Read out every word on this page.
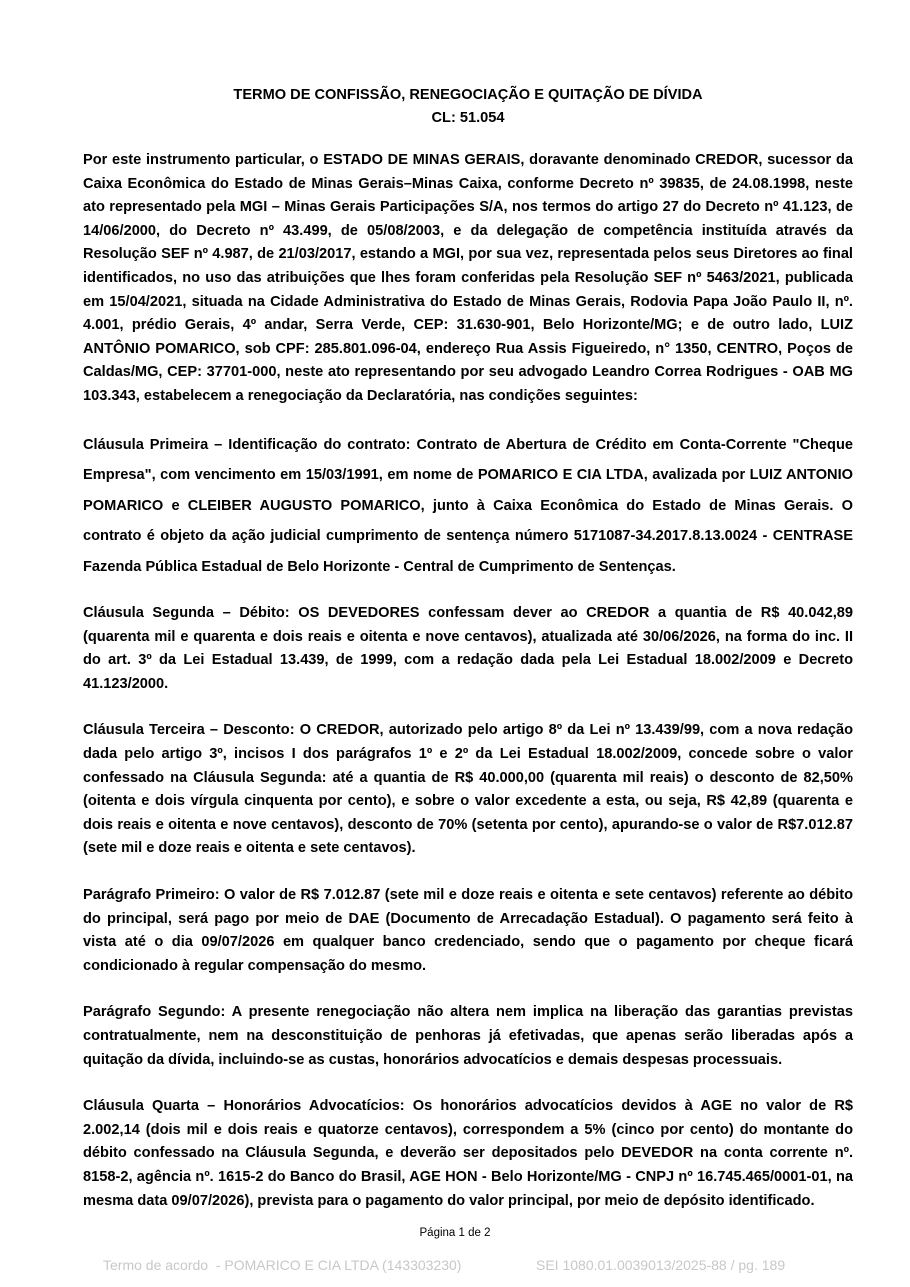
TERMO DE CONFISSÃO, RENEGOCIAÇÃO E QUITAÇÃO DE DÍVIDA

CL: 51.054

Por este instrumento particular, o ESTADO DE MINAS GERAIS, doravante denominado CREDOR, sucessor da Caixa Econômica do Estado de Minas Gerais–Minas Caixa, conforme Decreto nº 39835, de 24.08.1998, neste ato representado pela MGI – Minas Gerais Participações S/A, nos termos do artigo 27 do Decreto nº 41.123, de 14/06/2000, do Decreto nº 43.499, de 05/08/2003, e da delegação de competência instituída através da Resolução SEF nº 4.987, de 21/03/2017, estando a MGI, por sua vez, representada pelos seus Diretores ao final identificados, no uso das atribuições que lhes foram conferidas pela Resolução SEF nº 5463/2021, publicada em 15/04/2021, situada na Cidade Administrativa do Estado de Minas Gerais, Rodovia Papa João Paulo II, nº. 4.001, prédio Gerais, 4º andar, Serra Verde, CEP: 31.630-901, Belo Horizonte/MG; e de outro lado, LUIZ ANTÔNIO POMARICO, sob CPF: 285.801.096-04, endereço Rua Assis Figueiredo, n° 1350, CENTRO, Poços de Caldas/MG, CEP: 37701-000, neste ato representando por seu advogado Leandro Correa Rodrigues - OAB MG 103.343, estabelecem a renegociação da Declaratória, nas condições seguintes:

Cláusula Primeira – Identificação do contrato: Contrato de Abertura de Crédito em Conta-Corrente "Cheque Empresa", com vencimento em 15/03/1991, em nome de POMARICO E CIA LTDA, avalizada por LUIZ ANTONIO POMARICO e CLEIBER AUGUSTO POMARICO, junto à Caixa Econômica do Estado de Minas Gerais. O contrato é objeto da ação judicial cumprimento de sentença número 5171087-34.2017.8.13.0024 - CENTRASE Fazenda Pública Estadual de Belo Horizonte - Central de Cumprimento de Sentenças.

Cláusula Segunda – Débito: OS DEVEDORES confessam dever ao CREDOR a quantia de R$ 40.042,89 (quarenta mil e quarenta e dois reais e oitenta e nove centavos), atualizada até 30/06/2026, na forma do inc. II do art. 3º da Lei Estadual 13.439, de 1999, com a redação dada pela Lei Estadual 18.002/2009 e Decreto 41.123/2000.

Cláusula Terceira – Desconto: O CREDOR, autorizado pelo artigo 8º da Lei nº 13.439/99, com a nova redação dada pelo artigo 3º, incisos I dos parágrafos 1º e 2º da Lei Estadual 18.002/2009, concede sobre o valor confessado na Cláusula Segunda: até a quantia de R$ 40.000,00 (quarenta mil reais) o desconto de 82,50% (oitenta e dois vírgula cinquenta por cento), e sobre o valor excedente a esta, ou seja, R$ 42,89 (quarenta e dois reais e oitenta e nove centavos), desconto de 70% (setenta por cento), apurando-se o valor de R$7.012.87 (sete mil e doze reais e oitenta e sete centavos).

Parágrafo Primeiro: O valor de R$ 7.012.87 (sete mil e doze reais e oitenta e sete centavos) referente ao débito do principal, será pago por meio de DAE (Documento de Arrecadação Estadual). O pagamento será feito à vista até o dia 09/07/2026 em qualquer banco credenciado, sendo que o pagamento por cheque ficará condicionado à regular compensação do mesmo.

Parágrafo Segundo: A presente renegociação não altera nem implica na liberação das garantias previstas contratualmente, nem na desconstituição de penhoras já efetivadas, que apenas serão liberadas após a quitação da dívida, incluindo-se as custas, honorários advocatícios e demais despesas processuais.

Cláusula Quarta – Honorários Advocatícios: Os honorários advocatícios devidos à AGE no valor de R$ 2.002,14 (dois mil e dois reais e quatorze centavos), correspondem a 5% (cinco por cento) do montante do débito confessado na Cláusula Segunda, e deverão ser depositados pelo DEVEDOR na conta corrente nº. 8158-2, agência nº. 1615-2 do Banco do Brasil, AGE HON - Belo Horizonte/MG - CNPJ nº 16.745.465/0001-01, na mesma data 09/07/2026), prevista para o pagamento do valor principal, por meio de depósito identificado.

Página 1 de 2
Termo de acordo  - POMARICO E CIA LTDA (143303230)	SEI 1080.01.0039013/2025-88 / pg. 189
